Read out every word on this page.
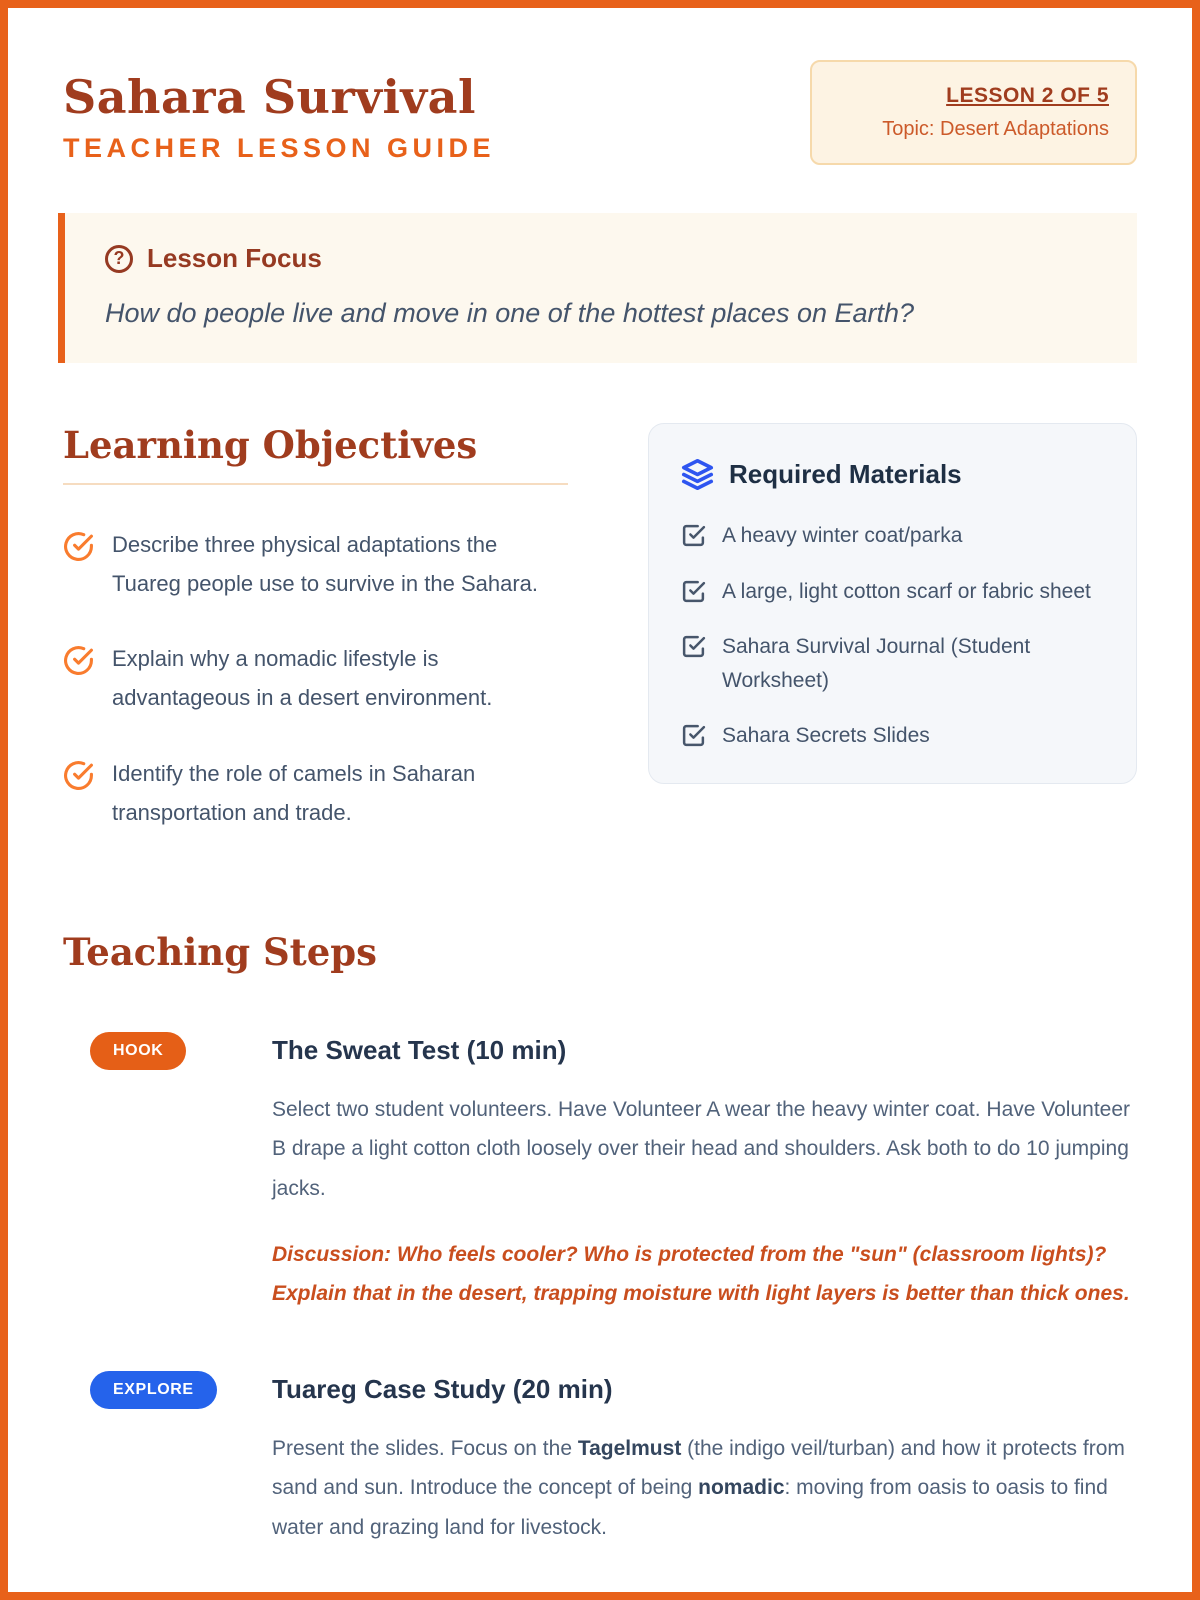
Sahara Survival
TEACHER LESSON GUIDE
LESSON 2 OF 5
Topic: Desert Adaptations
? Lesson Focus
How do people live and move in one of the hottest places on Earth?
Learning Objectives
Describe three physical adaptations the Tuareg people use to survive in the Sahara.
Explain why a nomadic lifestyle is advantageous in a desert environment.
Identify the role of camels in Saharan transportation and trade.
Required Materials
A heavy winter coat/parka
A large, light cotton scarf or fabric sheet
Sahara Survival Journal (Student Worksheet)
Sahara Secrets Slides
Teaching Steps
HOOK	The Sweat Test (10 min)
Select two student volunteers. Have Volunteer A wear the heavy winter coat. Have Volunteer B drape a light cotton cloth loosely over their head and shoulders. Ask both to do 10 jumping jacks.
Discussion: Who feels cooler? Who is protected from the "sun" (classroom lights)? Explain that in the desert, trapping moisture with light layers is better than thick ones.
EXPLORE	Tuareg Case Study (20 min)
Present the slides. Focus on the Tagelmust (the indigo veil/turban) and how it protects from sand and sun. Introduce the concept of being nomadic: moving from oasis to oasis to find water and grazing land for livestock.
